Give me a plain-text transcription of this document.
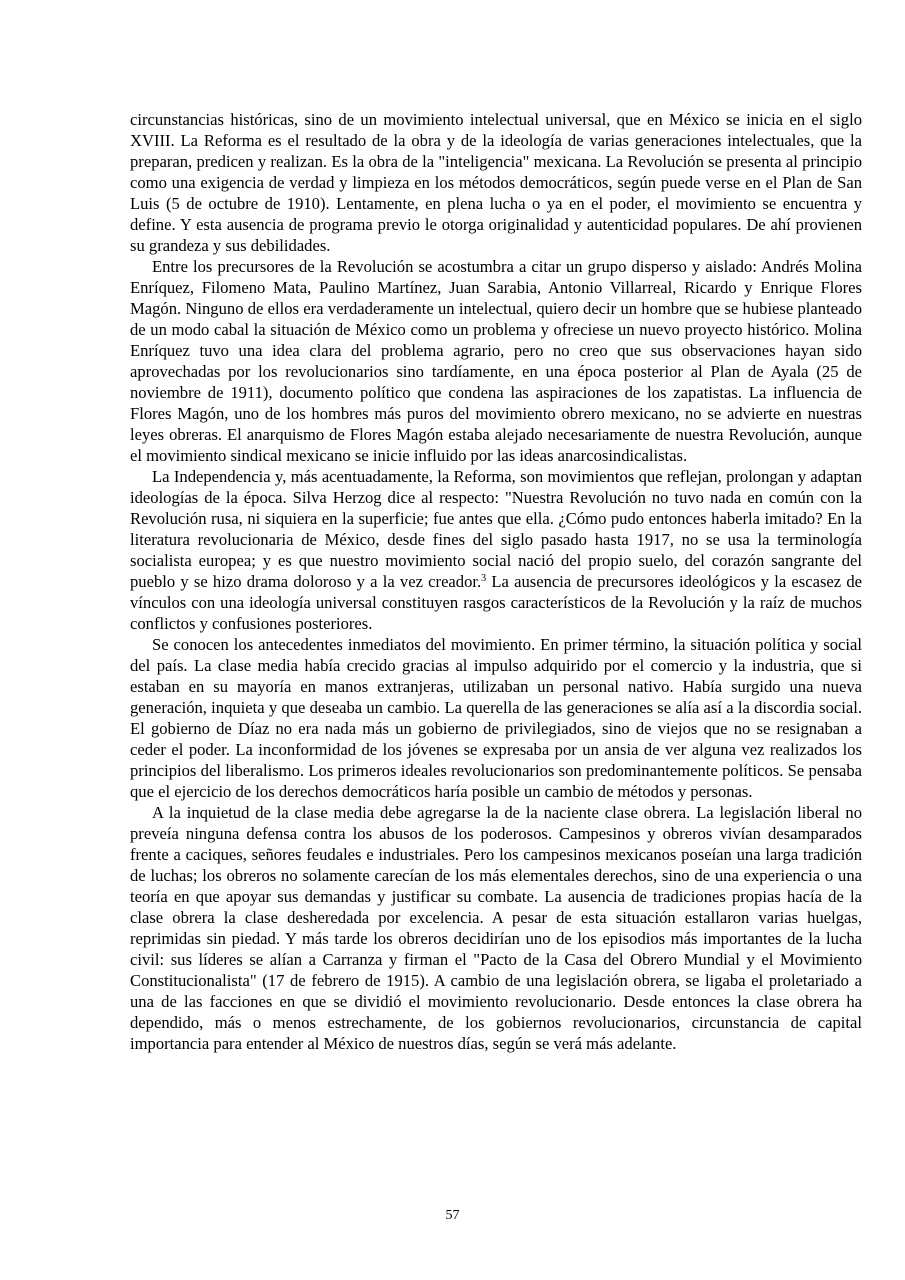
circunstancias históricas, sino de un movimiento intelectual universal, que en México se inicia en el siglo XVIII. La Reforma es el resultado de la obra y de la ideología de varias generaciones intelectuales, que la preparan, predicen y realizan. Es la obra de la "inteligencia" mexicana. La Revolución se presenta al principio como una exigencia de verdad y limpieza en los métodos democráticos, según puede verse en el Plan de San Luis (5 de octubre de 1910). Lentamente, en plena lucha o ya en el poder, el movimiento se encuentra y define. Y esta ausencia de programa previo le otorga originalidad y autenticidad populares. De ahí provienen su grandeza y sus debilidades.

Entre los precursores de la Revolución se acostumbra a citar un grupo disperso y aislado: Andrés Molina Enríquez, Filomeno Mata, Paulino Martínez, Juan Sarabia, Antonio Villarreal, Ricardo y Enrique Flores Magón. Ninguno de ellos era verdaderamente un intelectual, quiero decir un hombre que se hubiese planteado de un modo cabal la situación de México como un problema y ofreciese un nuevo proyecto histórico. Molina Enríquez tuvo una idea clara del problema agrario, pero no creo que sus observaciones hayan sido aprovechadas por los revolucionarios sino tardíamente, en una época posterior al Plan de Ayala (25 de noviembre de 1911), documento político que condena las aspiraciones de los zapatistas. La influencia de Flores Magón, uno de los hombres más puros del movimiento obrero mexicano, no se advierte en nuestras leyes obreras. El anarquismo de Flores Magón estaba alejado necesariamente de nuestra Revolución, aunque el movimiento sindical mexicano se inicie influido por las ideas anarcosindicalistas.

La Independencia y, más acentuadamente, la Reforma, son movimientos que reflejan, prolongan y adaptan ideologías de la época. Silva Herzog dice al respecto: "Nuestra Revolución no tuvo nada en común con la Revolución rusa, ni siquiera en la superficie; fue antes que ella. ¿Cómo pudo entonces haberla imitado? En la literatura revolucionaria de México, desde fines del siglo pasado hasta 1917, no se usa la terminología socialista europea; y es que nuestro movimiento social nació del propio suelo, del corazón sangrante del pueblo y se hizo drama doloroso y a la vez creador.$^3$ La ausencia de precursores ideológicos y la escasez de vínculos con una ideología universal constituyen rasgos característicos de la Revolución y la raíz de muchos conflictos y confusiones posteriores.

Se conocen los antecedentes inmediatos del movimiento. En primer término, la situación política y social del país. La clase media había crecido gracias al impulso adquirido por el comercio y la industria, que si estaban en su mayoría en manos extranjeras, utilizaban un personal nativo. Había surgido una nueva generación, inquieta y que deseaba un cambio. La querella de las generaciones se alía así a la discordia social. El gobierno de Díaz no era nada más un gobierno de privilegiados, sino de viejos que no se resignaban a ceder el poder. La inconformidad de los jóvenes se expresaba por un ansia de ver alguna vez realizados los principios del liberalismo. Los primeros ideales revolucionarios son predominantemente políticos. Se pensaba que el ejercicio de los derechos democráticos haría posible un cambio de métodos y personas.

A la inquietud de la clase media debe agregarse la de la naciente clase obrera. La legislación liberal no preveía ninguna defensa contra los abusos de los poderosos. Campesinos y obreros vivían desamparados frente a caciques, señores feudales e industriales. Pero los campesinos mexicanos poseían una larga tradición de luchas; los obreros no solamente carecían de los más elementales derechos, sino de una experiencia o una teoría en que apoyar sus demandas y justificar su combate. La ausencia de tradiciones propias hacía de la clase obrera la clase desheredada por excelencia. A pesar de esta situación estallaron varias huelgas, reprimidas sin piedad. Y más tarde los obreros decidirían uno de los episodios más importantes de la lucha civil: sus líderes se alían a Carranza y firman el "Pacto de la Casa del Obrero Mundial y el Movimiento Constitucionalista" (17 de febrero de 1915). A cambio de una legislación obrera, se ligaba el proletariado a una de las facciones en que se dividió el movimiento revolucionario. Desde entonces la clase obrera ha dependido, más o menos estrechamente, de los gobiernos revolucionarios, circunstancia de capital importancia para entender al México de nuestros días, según se verá más adelante.

57
